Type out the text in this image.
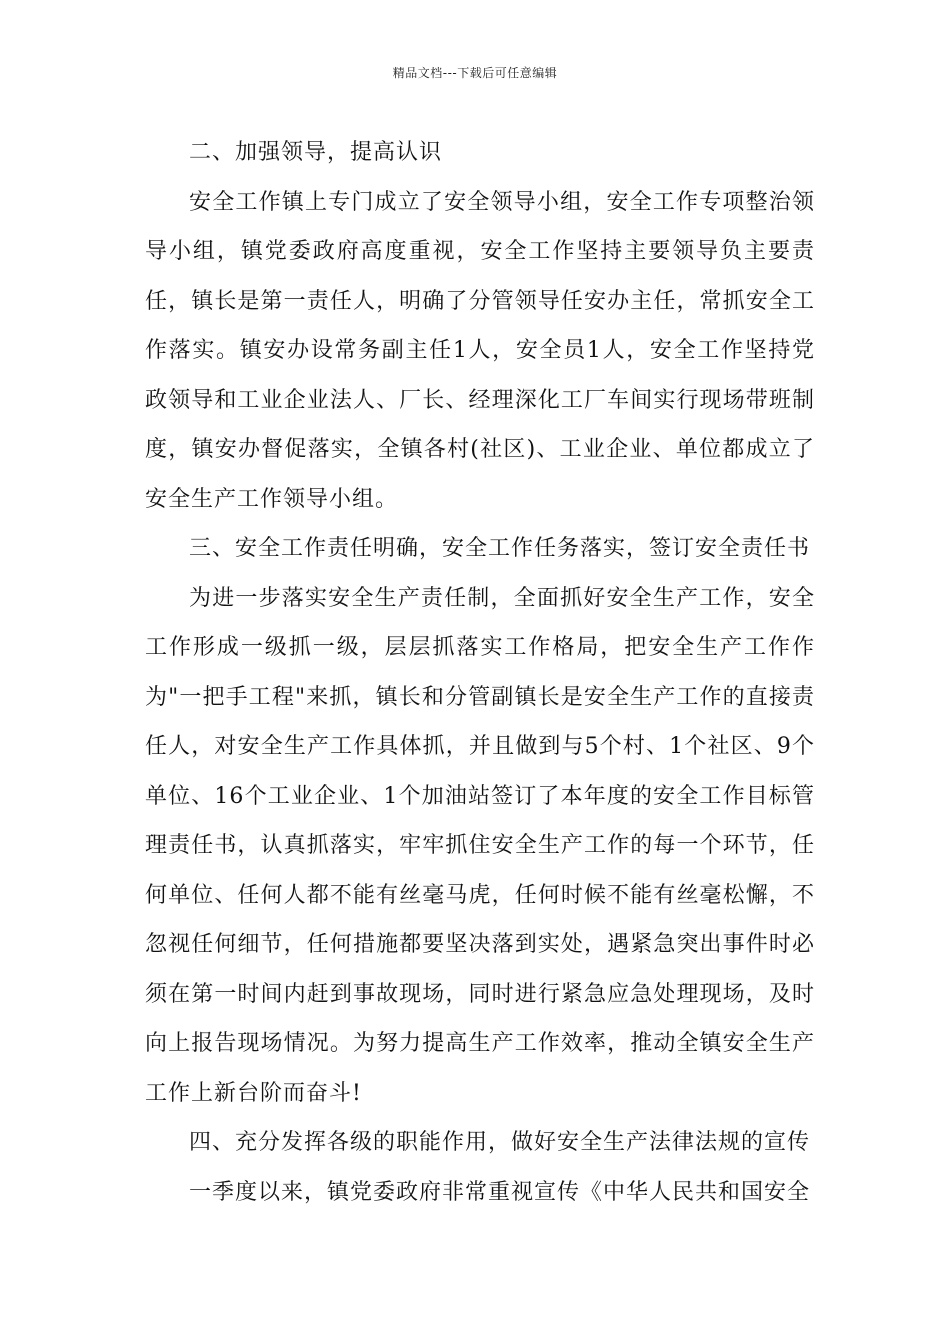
精品文档---下载后可任意编辑

二、加强领导，提高认识

安全工作镇上专门成立了安全领导小组，安全工作专项整治领导小组，镇党委政府高度重视，安全工作坚持主要领导负主要责任，镇长是第一责任人，明确了分管领导任安办主任，常抓安全工作落实。镇安办设常务副主任1人，安全员1人，安全工作坚持党政领导和工业企业法人、厂长、经理深化工厂车间实行现场带班制度，镇安办督促落实，全镇各村(社区)、工业企业、单位都成立了安全生产工作领导小组。

三、安全工作责任明确，安全工作任务落实，签订安全责任书

为进一步落实安全生产责任制，全面抓好安全生产工作，安全工作形成一级抓一级，层层抓落实工作格局，把安全生产工作作为"一把手工程"来抓，镇长和分管副镇长是安全生产工作的直接责任人，对安全生产工作具体抓，并且做到与5个村、1个社区、9个单位、16个工业企业、1个加油站签订了本年度的安全工作目标管理责任书，认真抓落实，牢牢抓住安全生产工作的每一个环节，任何单位、任何人都不能有丝毫马虎，任何时候不能有丝毫松懈，不忽视任何细节，任何措施都要坚决落到实处，遇紧急突出事件时必须在第一时间内赶到事故现场，同时进行紧急应急处理现场，及时向上报告现场情况。为努力提高生产工作效率，推动全镇安全生产工作上新台阶而奋斗!

四、充分发挥各级的职能作用，做好安全生产法律法规的宣传

一季度以来，镇党委政府非常重视宣传《中华人民共和国安全
